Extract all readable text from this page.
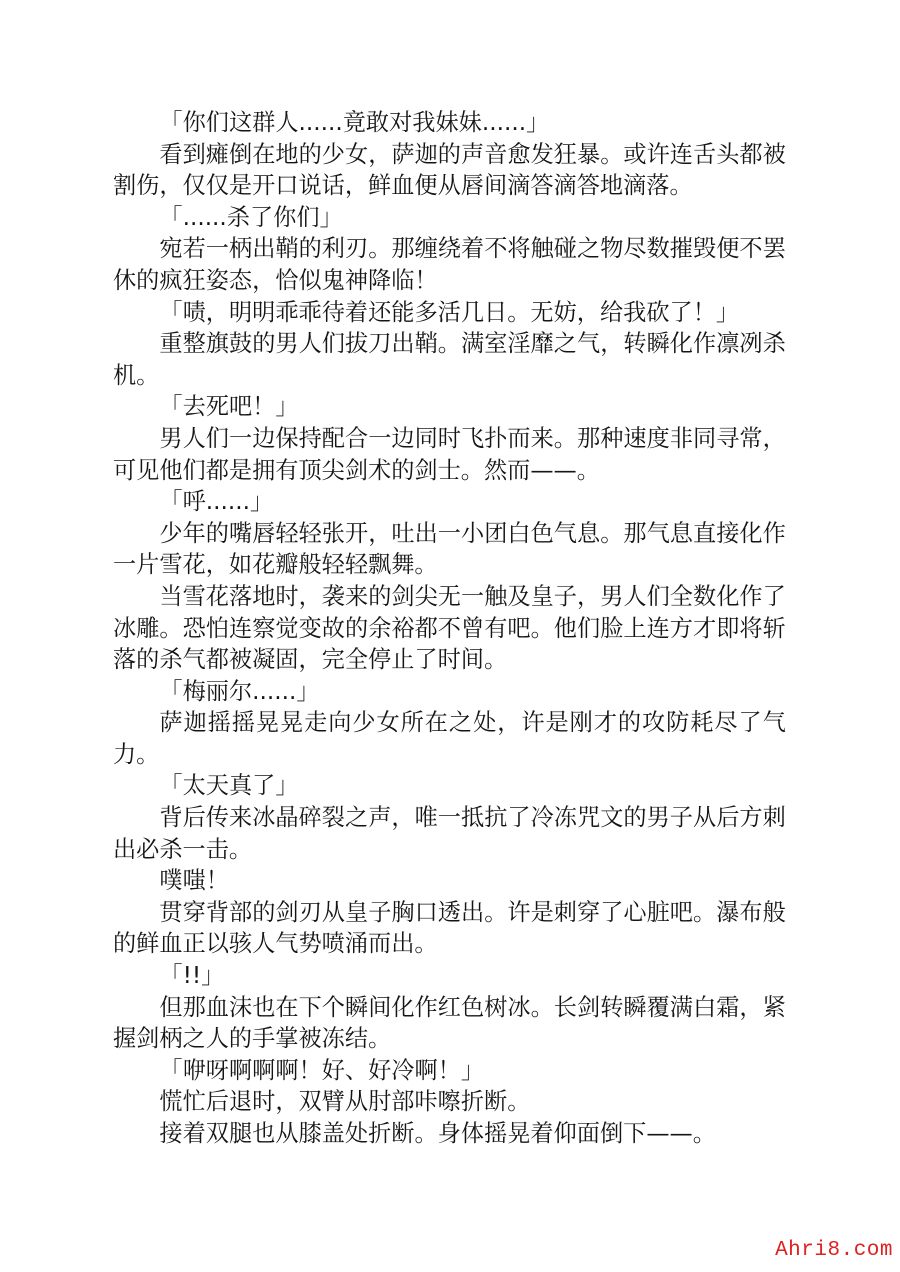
「你们这群人......竟敢对我妹妹......」

看到瘫倒在地的少女，萨迦的声音愈发狂暴。或许连舌头都被割伤，仅仅是开口说话，鲜血便从唇间滴答滴答地滴落。

「......杀了你们」

宛若一柄出鞘的利刃。那缠绕着不将触碰之物尽数摧毁便不罢休的疯狂姿态，恰似鬼神降临！

「啧，明明乖乖待着还能多活几日。无妨，给我砍了！」

重整旗鼓的男人们拔刀出鞘。满室淫靡之气，转瞬化作凛冽杀机。

「去死吧！」

男人们一边保持配合一边同时飞扑而来。那种速度非同寻常，可见他们都是拥有顶尖剑术的剑士。然而——。

「呼......」

少年的嘴唇轻轻张开，吐出一小团白色气息。那气息直接化作一片雪花，如花瓣般轻轻飘舞。

当雪花落地时，袭来的剑尖无一触及皇子，男人们全数化作了冰雕。恐怕连察觉变故的余裕都不曾有吧。他们脸上连方才即将斩落的杀气都被凝固，完全停止了时间。

「梅丽尔......」

萨迦摇摇晃晃走向少女所在之处，许是刚才的攻防耗尽了气力。

「太天真了」

背后传来冰晶碎裂之声，唯一抵抗了冷冻咒文的男子从后方刺出必杀一击。

噗嗤！

贯穿背部的剑刃从皇子胸口透出。许是刺穿了心脏吧。瀑布般的鲜血正以骇人气势喷涌而出。

「!!」

但那血沫也在下个瞬间化作红色树冰。长剑转瞬覆满白霜，紧握剑柄之人的手掌被冻结。

「咿呀啊啊啊！好、好冷啊！」

慌忙后退时，双臂从肘部咔嚓折断。

接着双腿也从膝盖处折断。身体摇晃着仰面倒下——。

Ahri8.com
